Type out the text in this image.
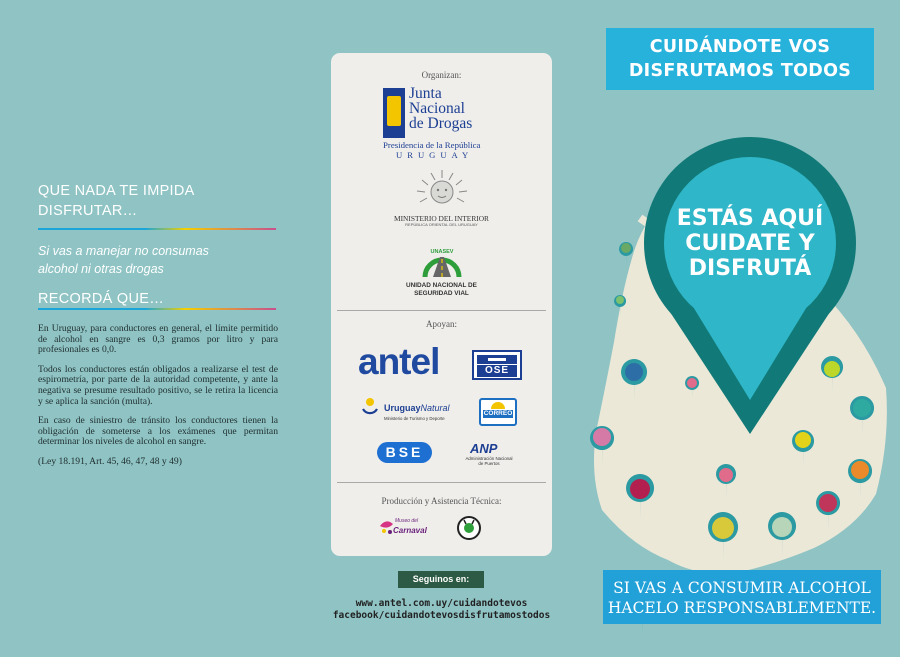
QUE NADA TE IMPIDA
DISFRUTAR…
Si vas a manejar no consumas
alcohol ni otras drogas
RECORDÁ QUE…

En Uruguay, para conductores en general, el límite permitido de alcohol en sangre es 0,3 gramos por litro y para profesionales es 0,0.

Todos los conductores están obligados a realizarse el test de espirometría, por parte de la autoridad competente, y ante la negativa se presume resultado positivo, se le retira la licencia y se aplica la sanción (multa).

En caso de siniestro de tránsito los conductores tienen la obligación de someterse a los exámenes que permitan determinar los niveles de alcohol en sangre.

(Ley 18.191, Art. 45, 46, 47, 48 y 49)

Organizan:
Junta
Nacional
de Drogas
Presidencia de la República
URUGUAY
MINISTERIO DEL INTERIOR
REPÚBLICA ORIENTAL DEL URUGUAY
UNASEV
UNIDAD NACIONAL DE
SEGURIDAD VIAL
Apoyan:
antel	OSE
UruguayNatural
Ministerio de Turismo y Deporte
CORREO
BSE	ANP
Administración Nacional
de Puertos
Producción y Asistencia Técnica:
Museo del
Carnaval
Seguinos en:
www.antel.com.uy/cuidandotevos
facebook/cuidandotevosdisfrutamostodos
CUIDÁNDOTE VOS
DISFRUTAMOS TODOS
ESTÁS AQUÍ
CUIDATE Y
DISFRUTÁ
SI VAS A CONSUMIR ALCOHOL
HACELO RESPONSABLEMENTE.
